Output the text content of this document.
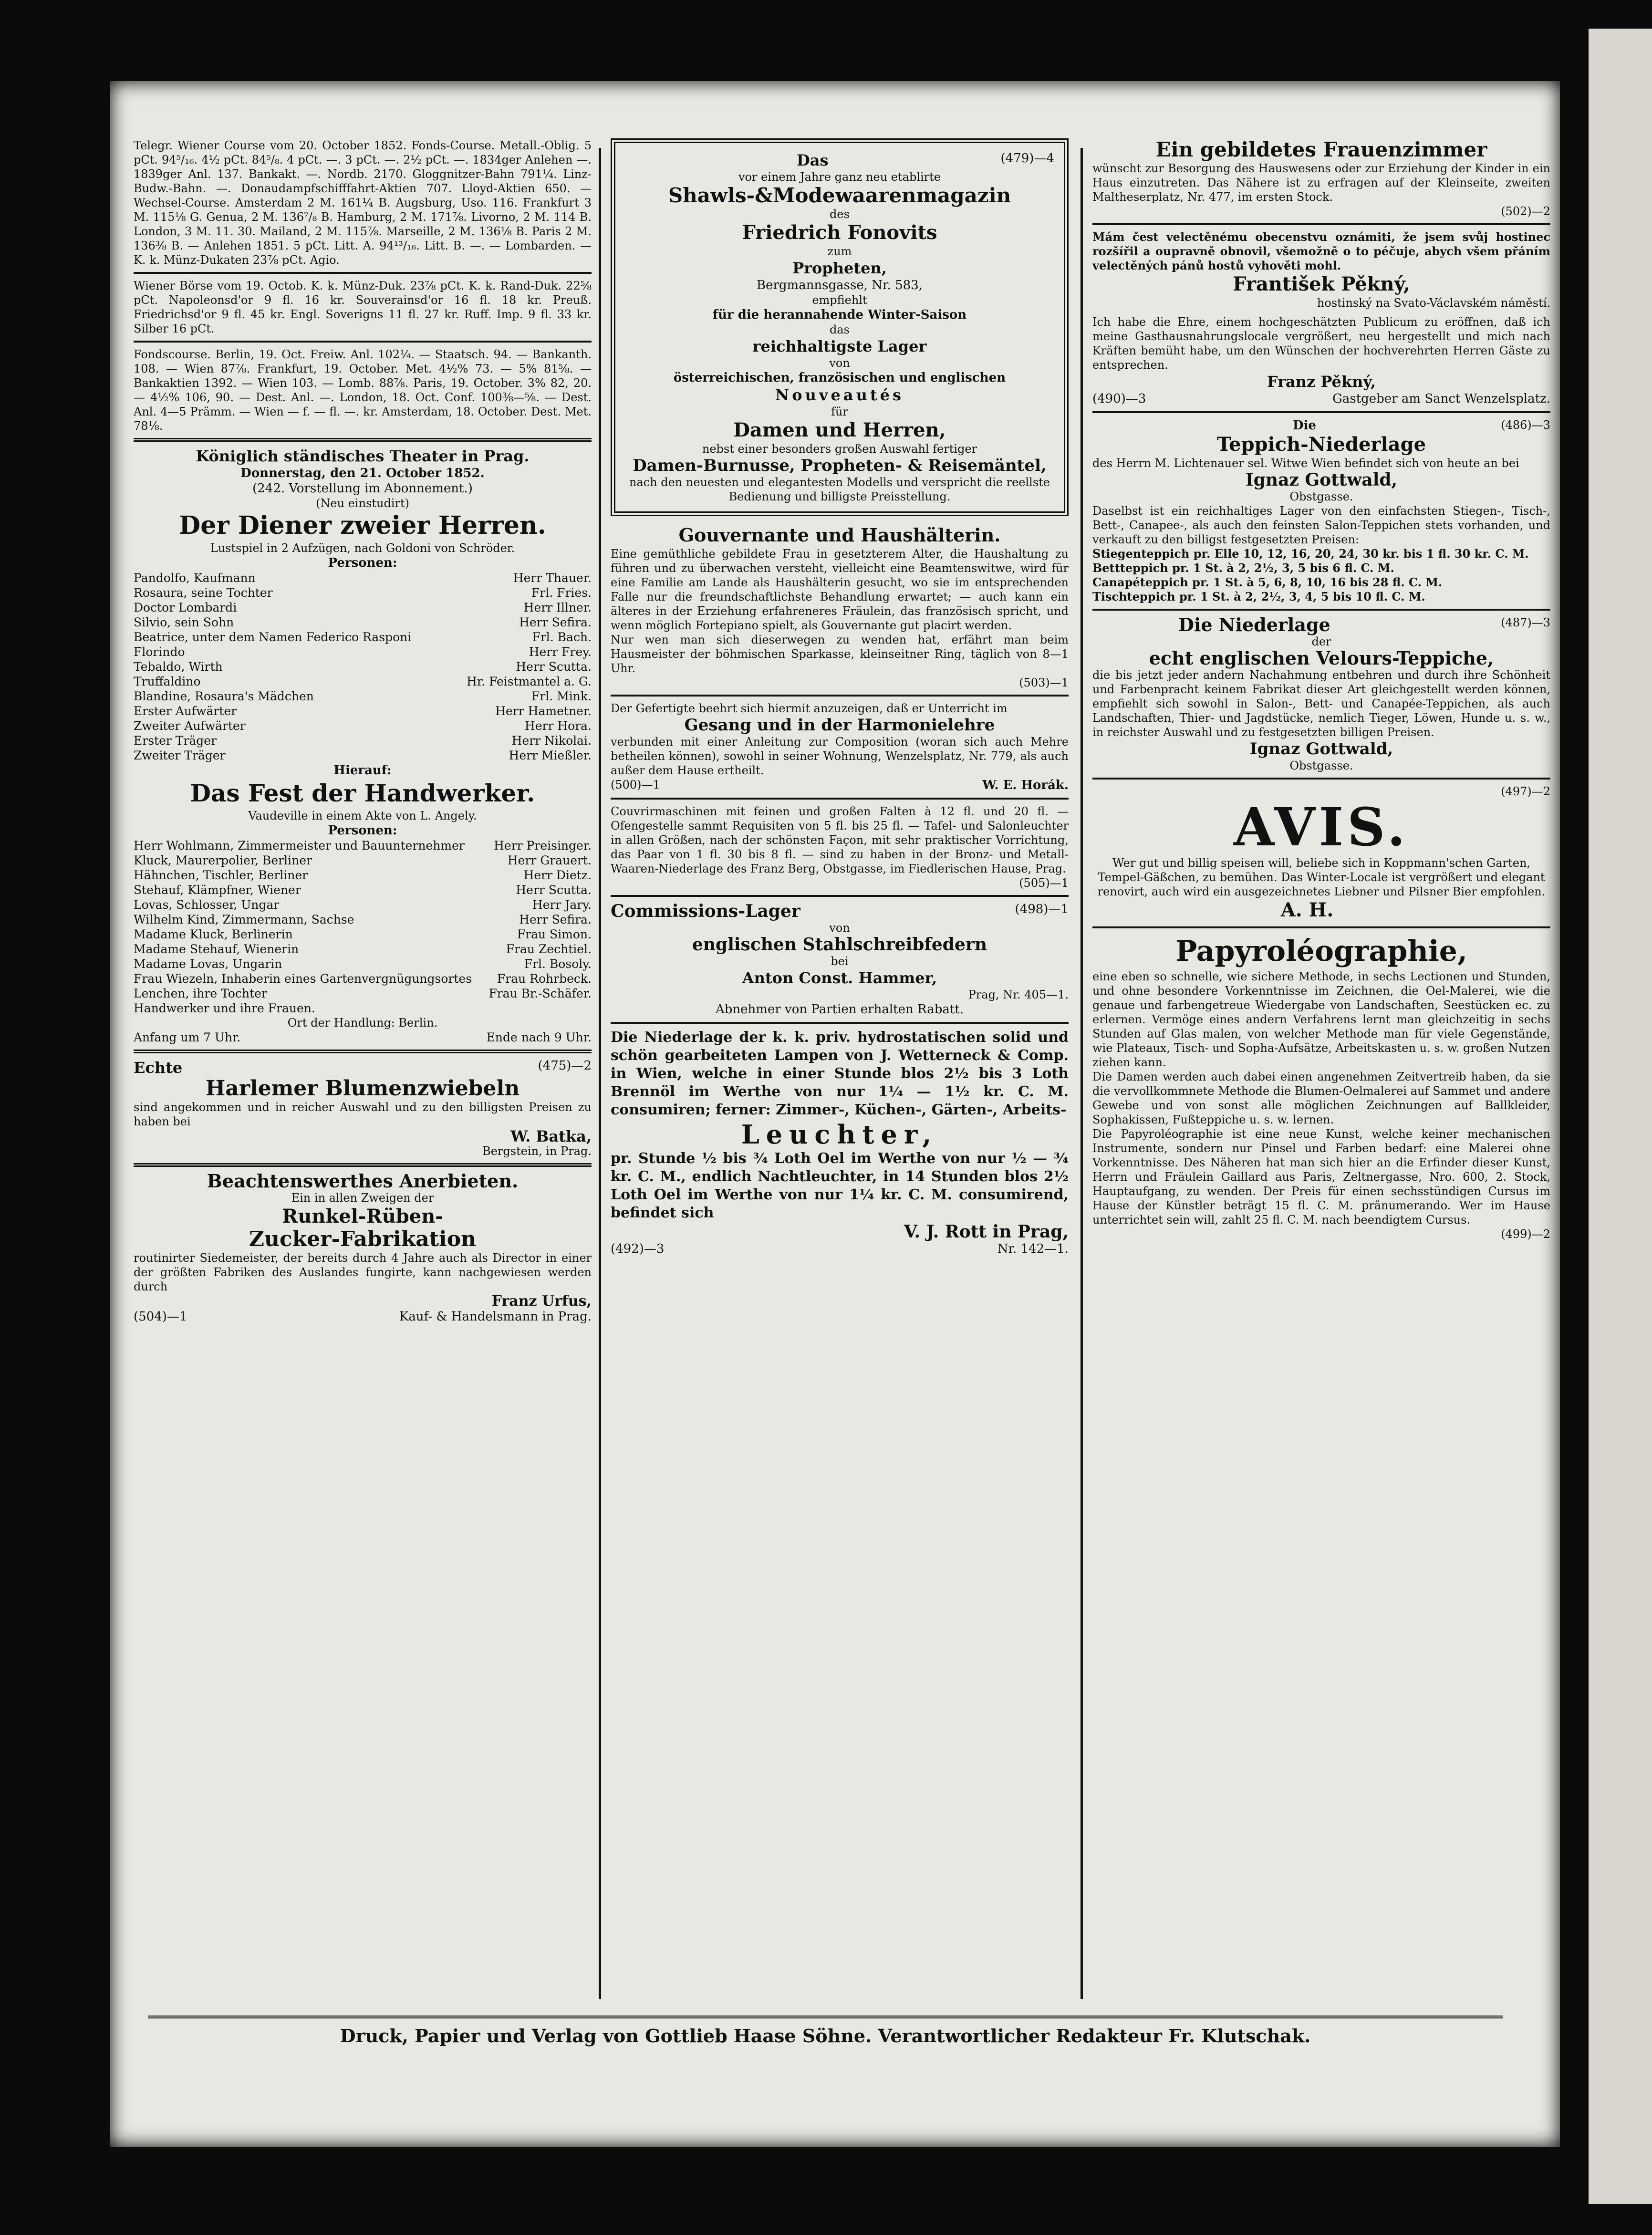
Telegr. Wiener Course vom 20. October 1852. Fonds-Course. Metall.-Oblig. 5 pCt. 94⁵/₁₆. 4½ pCt. 84⁵/₈. 4 pCt. —. 3 pCt. —. 2½ pCt. —. 1834ger Anlehen —. 1839ger Anl. 137. Bankakt. —. Nordb. 2170. Gloggnitzer-Bahn 791¼. Linz-Budw.-Bahn. —. Donaudampfschifffahrt-Aktien 707. Lloyd-Aktien 650. — Wechsel-Course. Amsterdam 2 M. 161¼ B. Augsburg, Uso. 116. Frankfurt 3 M. 115⅛ G. Genua, 2 M. 136⁷/₈ B. Hamburg, 2 M. 171⅞. Livorno, 2 M. 114 B. London, 3 M. 11. 30. Mailand, 2 M. 115⅞. Marseille, 2 M. 136⅛ B. Paris 2 M. 136⅜ B. — Anlehen 1851. 5 pCt. Litt. A. 94¹³/₁₆. Litt. B. —. — Lombarden. — K. k. Münz-Dukaten 23⅞ pCt. Agio.

Wiener Börse vom 19. Octob. K. k. Münz-Duk. 23⅞ pCt. K. k. Rand-Duk. 22⅝ pCt. Napoleonsd'or 9 fl. 16 kr. Souverainsd'or 16 fl. 18 kr. Preuß. Friedrichsd'or 9 fl. 45 kr. Engl. Soverigns 11 fl. 27 kr. Ruff. Imp. 9 fl. 33 kr. Silber 16 pCt.

Fondscourse. Berlin, 19. Oct. Freiw. Anl. 102¼. — Staatsch. 94. — Bankanth. 108. — Wien 87⅞. Frankfurt, 19. October. Met. 4½% 73. — 5% 81⅝. — Bankaktien 1392. — Wien 103. — Lomb. 88⅞. Paris, 19. October. 3% 82, 20. — 4½% 106, 90. — Dest. Anl. —. London, 18. Oct. Conf. 100⅜—⅝. — Dest. Anl. 4—5 Prämm. — Wien — f. — fl. —. kr. Amsterdam, 18. October. Dest. Met. 78⅛.

Königlich ständisches Theater in Prag.
Donnerstag, den 21. October 1852.
(242. Vorstellung im Abonnement.)
(Neu einstudirt)
Der Diener zweier Herren.
Lustspiel in 2 Aufzügen, nach Goldoni von Schröder.
Personen:
Pandolfo, Kaufmann	Herr Thauer.
Rosaura, seine Tochter	Frl. Fries.
Doctor Lombardi	Herr Illner.
Silvio, sein Sohn	Herr Sefira.
Beatrice, unter dem Namen Federico Rasponi	Frl. Bach.
Florindo	Herr Frey.
Tebaldo, Wirth	Herr Scutta.
Truffaldino	Hr. Feistmantel a. G.
Blandine, Rosaura's Mädchen	Frl. Mink.
Erster Aufwärter	Herr Hametner.
Zweiter Aufwärter	Herr Hora.
Erster Träger	Herr Nikolai.
Zweiter Träger	Herr Mießler.
Hierauf:
Das Fest der Handwerker.
Vaudeville in einem Akte von L. Angely.
Personen:
Herr Wohlmann, Zimmermeister und Bauunternehmer Herr Preisinger.
Kluck, Maurerpolier, Berliner	Herr Grauert.
Hähnchen, Tischler, Berliner	Herr Dietz.
Stehauf, Klämpfner, Wiener	Herr Scutta.
Lovas, Schlosser, Ungar	Herr Jary.
Wilhelm Kind, Zimmermann, Sachse	Herr Sefira.
Madame Kluck, Berlinerin	Frau Simon.
Madame Stehauf, Wienerin	Frau Zechtiel.
Madame Lovas, Ungarin	Frl. Bosoly.
Frau Wiezeln, Inhaberin eines Gartenvergnügungsortes Frau Rohrbeck.
Lenchen, ihre Tochter	Frau Br.-Schäfer.
Handwerker und ihre Frauen.
Ort der Handlung: Berlin.
Anfang um 7 Uhr.	Ende nach 9 Uhr.
Echte	(475)—2
Harlemer Blumenzwiebeln

sind angekommen und in reicher Auswahl und zu den billigsten Preisen zu haben bei

W. Batka,
Bergstein, in Prag.
Beachtenswerthes Anerbieten.
Ein in allen Zweigen der
Runkel-Rüben-
Zucker-Fabrikation

routinirter Siedemeister, der bereits durch 4 Jahre auch als Director in einer der größten Fabriken des Auslandes fungirte, kann nachgewiesen werden durch

Franz Urfus,
(504)—1	Kauf- & Handelsmann in Prag.
Das	(479)—4
vor einem Jahre ganz neu etablirte
Shawls-&Modewaarenmagazin
des
Friedrich Fonovits
zum
Propheten,
Bergmannsgasse, Nr. 583,
empfiehlt
für die herannahende Winter-Saison
das
reichhaltigste Lager
von
österreichischen, französischen und englischen
Nouveautés
für
Damen und Herren,
nebst einer besonders großen Auswahl fertiger
Damen-Burnusse, Propheten- & Reisemäntel,

nach den neuesten und elegantesten Modells und verspricht die reellste Bedienung und billigste Preisstellung.

Gouvernante und Haushälterin.

Eine gemüthliche gebildete Frau in gesetzterem Alter, die Haushaltung zu führen und zu überwachen versteht, vielleicht eine Beamtenswitwe, wird für eine Familie am Lande als Haushälterin gesucht, wo sie im entsprechenden Falle nur die freundschaftlichste Behandlung erwartet; — auch kann ein älteres in der Erziehung erfahreneres Fräulein, das französisch spricht, und wenn möglich Fortepiano spielt, als Gouvernante gut placirt werden.

Nur wen man sich dieserwegen zu wenden hat, erfährt man beim Hausmeister der böhmischen Sparkasse, kleinseitner Ring, täglich von 8—1 Uhr.

(503)—1

Der Gefertigte beehrt sich hiermit anzuzeigen, daß er Unterricht im

Gesang und in der Harmonielehre

verbunden mit einer Anleitung zur Composition (woran sich auch Mehre betheilen können), sowohl in seiner Wohnung, Wenzelsplatz, Nr. 779, als auch außer dem Hause ertheilt.

(500)—1	W. E. Horák.

Couvrirmaschinen mit feinen und großen Falten à 12 fl. und 20 fl. — Ofengestelle sammt Requisiten von 5 fl. bis 25 fl. — Tafel- und Salonleuchter in allen Größen, nach der schönsten Façon, mit sehr praktischer Vorrichtung, das Paar von 1 fl. 30 bis 8 fl. — sind zu haben in der Bronz- und Metall-Waaren-Niederlage des Franz Berg, Obstgasse, im Fiedlerischen Hause, Prag.

(505)—1
Commissions-Lager	(498)—1
von
englischen Stahlschreibfedern
bei
Anton Const. Hammer,
Prag, Nr. 405—1.
Abnehmer von Partien erhalten Rabatt.

Die Niederlage der k. k. priv. hydrostatischen solid und schön gearbeiteten Lampen von J. Wetterneck & Comp. in Wien, welche in einer Stunde blos 2½ bis 3 Loth Brennöl im Werthe von nur 1¼ — 1½ kr. C. M. consumiren; ferner: Zimmer-, Küchen-, Gärten-, Arbeits-

Leuchter,

pr. Stunde ½ bis ¾ Loth Oel im Werthe von nur ½ — ¾ kr. C. M., endlich Nachtleuchter, in 14 Stunden blos 2½ Loth Oel im Werthe von nur 1¼ kr. C. M. consumirend, befindet sich

V. J. Rott in Prag,
(492)—3	Nr. 142—1.
Ein gebildetes Frauenzimmer

wünscht zur Besorgung des Hauswesens oder zur Erziehung der Kinder in ein Haus einzutreten. Das Nähere ist zu erfragen auf der Kleinseite, zweiten Maltheserplatz, Nr. 477, im ersten Stock.

(502)—2

Mám čest velectěnému obecenstvu oznámiti, že jsem svůj hostinec rozšířil a oupravně obnovil, všemožně o to péčuje, abych všem přáním velectěných pánů hostů vyhověti mohl.

František Pěkný,
hostinský na Svato-Václavském náměstí.

Ich habe die Ehre, einem hochgeschätzten Publicum zu eröffnen, daß ich meine Gasthausnahrungslocale vergrößert, neu hergestellt und mich nach Kräften bemüht habe, um den Wünschen der hochverehrten Herren Gäste zu entsprechen.

Franz Pěkný,
(490)—3	Gastgeber am Sanct Wenzelsplatz.
Die	(486)—3
Teppich-Niederlage

des Herrn M. Lichtenauer sel. Witwe Wien befindet sich von heute an bei

Ignaz Gottwald,
Obstgasse.

Daselbst ist ein reichhaltiges Lager von den einfachsten Stiegen-, Tisch-, Bett-, Canapee-, als auch den feinsten Salon-Teppichen stets vorhanden, und verkauft zu den billigst festgesetzten Preisen:

Stiegenteppich pr. Elle 10, 12, 16, 20, 24, 30 kr. bis 1 fl. 30 kr. C. M.

Bettteppich pr. 1 St. à 2, 2½, 3, 5 bis 6 fl. C. M.

Canapéteppich pr. 1 St. à 5, 6, 8, 10, 16 bis 28 fl. C. M.

Tischteppich pr. 1 St. à 2, 2½, 3, 4, 5 bis 10 fl. C. M.

Die Niederlage	(487)—3
der
echt englischen Velours-Teppiche,

die bis jetzt jeder andern Nachahmung entbehren und durch ihre Schönheit und Farbenpracht keinem Fabrikat dieser Art gleichgestellt werden können, empfiehlt sich sowohl in Salon-, Bett- und Canapée-Teppichen, als auch Landschaften, Thier- und Jagdstücke, nemlich Tieger, Löwen, Hunde u. s. w., in reichster Auswahl und zu festgesetzten billigen Preisen.

Ignaz Gottwald,
Obstgasse.
(497)—2
AVIS.

Wer gut und billig speisen will, beliebe sich in Koppmann'schen Garten, Tempel-Gäßchen, zu bemühen. Das Winter-Locale ist vergrößert und elegant renovirt, auch wird ein ausgezeichnetes Liebner und Pilsner Bier empfohlen.

A. H.
Papyroléographie,

eine eben so schnelle, wie sichere Methode, in sechs Lectionen und Stunden, und ohne besondere Vorkenntnisse im Zeichnen, die Oel-Malerei, wie die genaue und farbengetreue Wiedergabe von Landschaften, Seestücken ec. zu erlernen. Vermöge eines andern Verfahrens lernt man gleichzeitig in sechs Stunden auf Glas malen, von welcher Methode man für viele Gegenstände, wie Plateaux, Tisch- und Sopha-Aufsätze, Arbeitskasten u. s. w. großen Nutzen ziehen kann.

Die Damen werden auch dabei einen angenehmen Zeitvertreib haben, da sie die vervollkommnete Methode die Blumen-Oelmalerei auf Sammet und andere Gewebe und von sonst alle möglichen Zeichnungen auf Ballkleider, Sophakissen, Fußteppiche u. s. w. lernen.

Die Papyroléographie ist eine neue Kunst, welche keiner mechanischen Instrumente, sondern nur Pinsel und Farben bedarf: eine Malerei ohne Vorkenntnisse. Des Näheren hat man sich hier an die Erfinder dieser Kunst, Herrn und Fräulein Gaillard aus Paris, Zeltnergasse, Nro. 600, 2. Stock, Hauptaufgang, zu wenden. Der Preis für einen sechsstündigen Cursus im Hause der Künstler beträgt 15 fl. C. M. pränumerando. Wer im Hause unterrichtet sein will, zahlt 25 fl. C. M. nach beendigtem Cursus.

(499)—2
Druck, Papier und Verlag von Gottlieb Haase Söhne. Verantwortlicher Redakteur Fr. Klutschak.
